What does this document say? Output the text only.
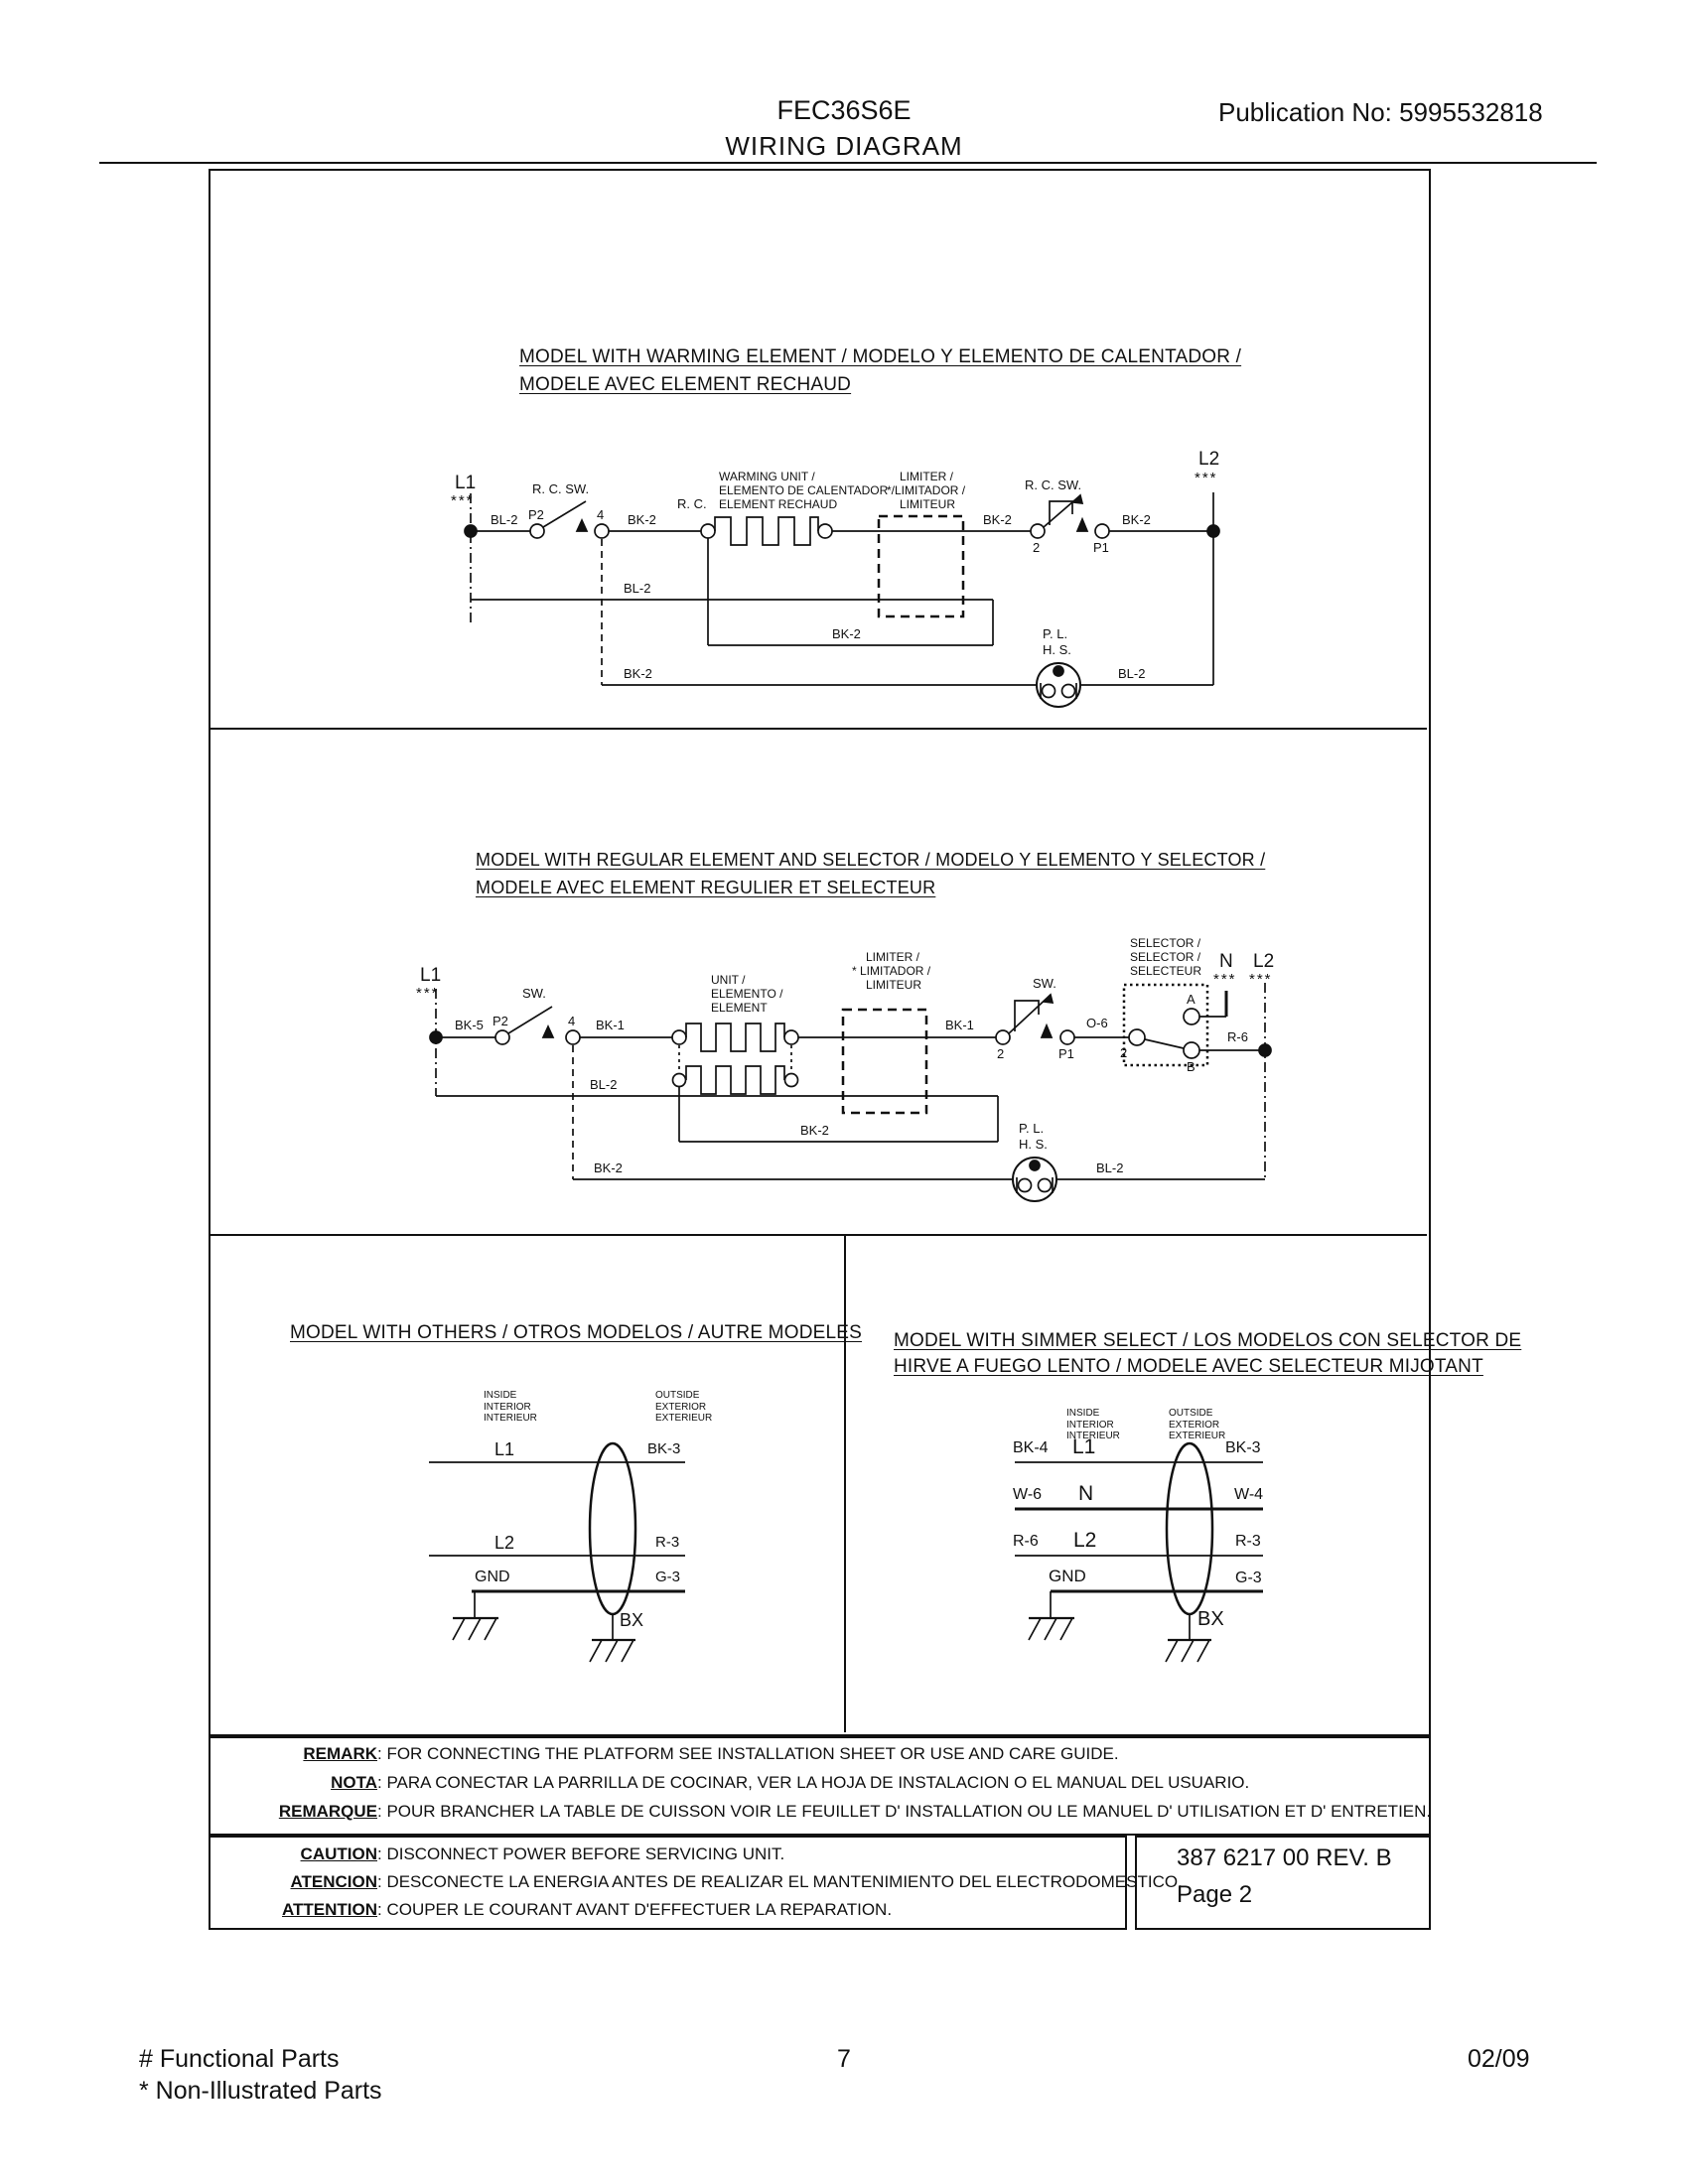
FEC36S6E	Publication No: 5995532818
WIRING DIAGRAM
MODEL WITH WARMING ELEMENT / MODELO Y ELEMENTO DE CALENTADOR /
MODELE AVEC ELEMENT RECHAUD
L1
***
BL-2 P2
R. C. SW.
4 BK-2
R. C.
WARMING UNIT /
ELEMENTO DE CALENTADOR /
ELEMENT RECHAUD
LIMITER /
* LIMITADOR /
LIMITEUR
BK-2
2
R. C. SW.
P1
BK-2
L2
***
BL-2
BK-2
BK-2	BL-2
P. L.
H. S.
MODEL WITH REGULAR ELEMENT AND SELECTOR / MODELO Y ELEMENTO Y SELECTOR /
MODELE AVEC ELEMENT REGULIER ET SELECTEUR
L1
***
BK-5 P2
SW.
4 BK-1
UNIT /
ELEMENTO /
ELEMENT
LIMITER /
* LIMITADOR /
LIMITEUR
BK-1
2
SW.
P1
O-6
SELECTOR /
SELECTOR /
SELECTEUR
2
A
B
N
***
L2
***
R-6
BL-2
BK-2
BK-2	BL-2
P. L.
H. S.
MODEL WITH OTHERS / OTROS MODELOS / AUTRE MODELES
INSIDE
INTERIOR
INTERIEUR
OUTSIDE
EXTERIOR
EXTERIEUR
L1	BK-3
L2	R-3
GND	G-3
BX
MODEL WITH SIMMER SELECT / LOS MODELOS CON SELECTOR DE
HIRVE A FUEGO LENTO / MODELE AVEC SELECTEUR MIJOTANT
INSIDE
INTERIOR
INTERIEUR
OUTSIDE
EXTERIOR
EXTERIEUR
BK-4 L1	BK-3
W-6 N	W-4
R-6 L2	R-3
GND	G-3
BX
REMARK: FOR CONNECTING THE PLATFORM SEE INSTALLATION SHEET OR USE AND CARE GUIDE.
NOTA: PARA CONECTAR LA PARRILLA DE COCINAR, VER LA HOJA DE INSTALACION O EL MANUAL DEL USUARIO.
REMARQUE: POUR BRANCHER LA TABLE DE CUISSON VOIR LE FEUILLET D' INSTALLATION OU LE MANUEL D' UTILISATION ET D' ENTRETIEN.
CAUTION: DISCONNECT POWER BEFORE SERVICING UNIT.
ATENCION: DESCONECTE LA ENERGIA ANTES DE REALIZAR EL MANTENIMIENTO DEL ELECTRODOMESTICO.
ATTENTION: COUPER LE COURANT AVANT D'EFFECTUER LA REPARATION.
387 6217 00 REV. B
Page 2
# Functional Parts
* Non-Illustrated Parts
7	02/09
